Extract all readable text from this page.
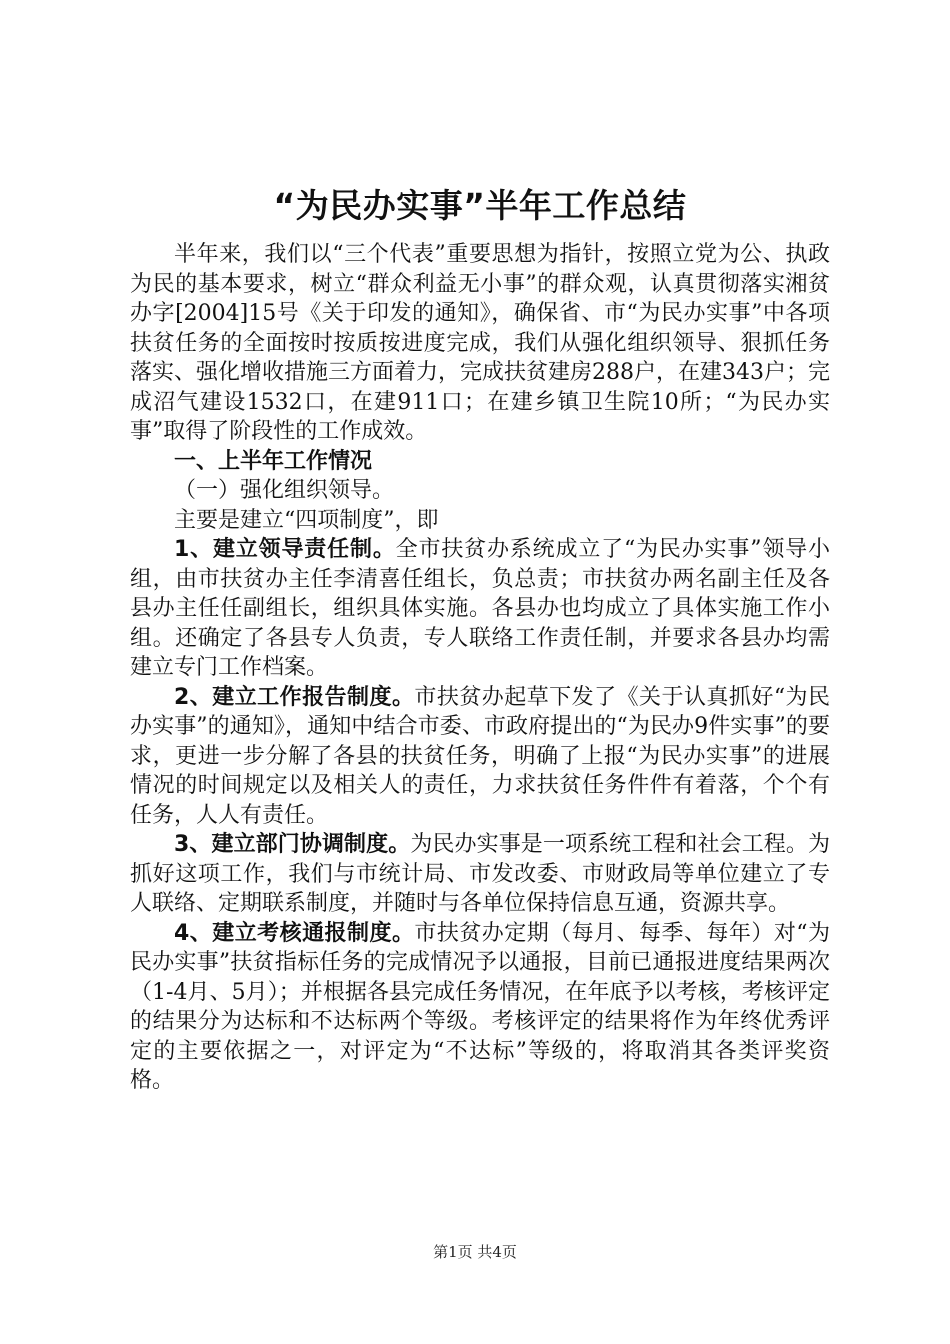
“为民办实事”半年工作总结

半年来，我们以“三个代表”重要思想为指针，按照立党为公、执政为民的基本要求，树立“群众利益无小事”的群众观，认真贯彻落实湘贫办字[2004]15号《关于印发的通知》，确保省、市“为民办实事”中各项扶贫任务的全面按时按质按进度完成，我们从强化组织领导、狠抓任务落实、强化增收措施三方面着力，完成扶贫建房288户，在建343户；完成沼气建设1532口，在建911口；在建乡镇卫生院10所；“为民办实事”取得了阶段性的工作成效。

一、上半年工作情况

（一）强化组织领导。

主要是建立“四项制度”，即

1、建立领导责任制。全市扶贫办系统成立了“为民办实事”领导小组，由市扶贫办主任李清喜任组长，负总责；市扶贫办两名副主任及各县办主任任副组长，组织具体实施。各县办也均成立了具体实施工作小组。还确定了各县专人负责，专人联络工作责任制，并要求各县办均需建立专门工作档案。

2、建立工作报告制度。市扶贫办起草下发了《关于认真抓好“为民办实事”的通知》，通知中结合市委、市政府提出的“为民办9件实事”的要求，更进一步分解了各县的扶贫任务，明确了上报“为民办实事”的进展情况的时间规定以及相关人的责任，力求扶贫任务件件有着落，个个有任务，人人有责任。

3、建立部门协调制度。为民办实事是一项系统工程和社会工程。为抓好这项工作，我们与市统计局、市发改委、市财政局等单位建立了专人联络、定期联系制度，并随时与各单位保持信息互通，资源共享。

4、建立考核通报制度。市扶贫办定期（每月、每季、每年）对“为民办实事”扶贫指标任务的完成情况予以通报，目前已通报进度结果两次（1-4月、5月）；并根据各县完成任务情况，在年底予以考核，考核评定的结果分为达标和不达标两个等级。考核评定的结果将作为年终优秀评定的主要依据之一，对评定为“不达标”等级的，将取消其各类评奖资格。

第1页 共4页
